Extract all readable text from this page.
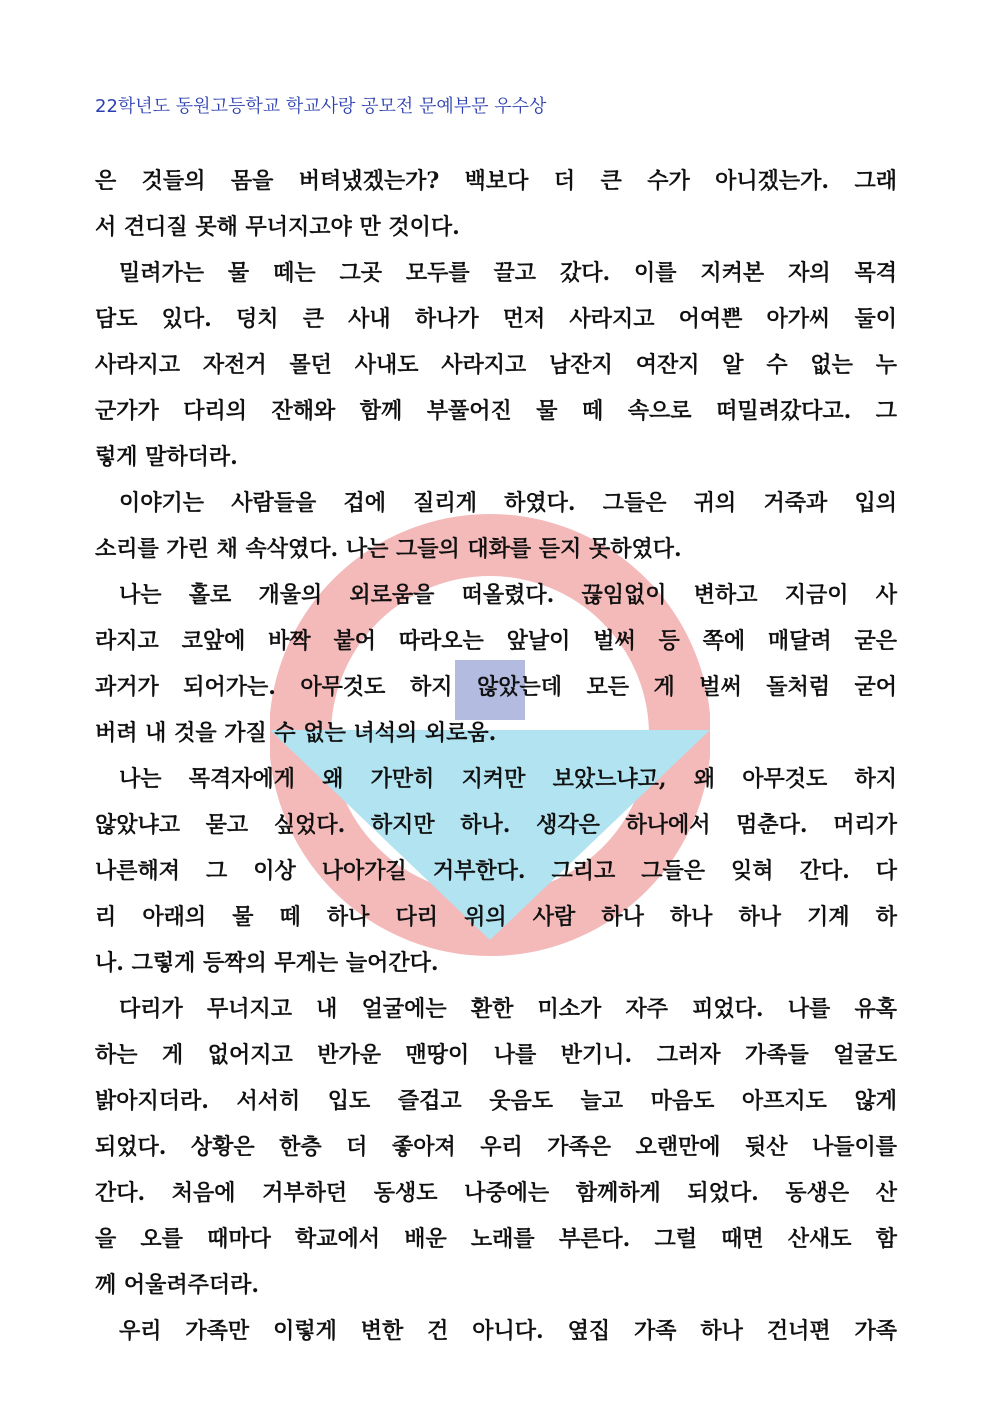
22학년도 동원고등학교 학교사랑 공모전 문예부문 우수상
은 것들의 몸을 버텨냈겠는가? 백보다 더 큰 수가 아니겠는가. 그래
서 견디질 못해 무너지고야 만 것이다.
밀려가는 물 떼는 그곳 모두를 끌고 갔다. 이를 지켜본 자의 목격
담도 있다. 덩치 큰 사내 하나가 먼저 사라지고 어여쁜 아가씨 둘이
사라지고 자전거 몰던 사내도 사라지고 남잔지 여잔지 알 수 없는 누
군가가 다리의 잔해와 함께 부풀어진 물 떼 속으로 떠밀려갔다고. 그
렇게 말하더라.
이야기는 사람들을 겁에 질리게 하였다. 그들은 귀의 거죽과 입의
소리를 가린 채 속삭였다. 나는 그들의 대화를 듣지 못하였다.
나는 홀로 개울의 외로움을 떠올렸다. 끊임없이 변하고 지금이 사
라지고 코앞에 바짝 붙어 따라오는 앞날이 벌써 등 쪽에 매달려 굳은
과거가 되어가는. 아무것도 하지 않았는데 모든 게 벌써 돌처럼 굳어
버려 내 것을 가질 수 없는 녀석의 외로움.
나는 목격자에게 왜 가만히 지켜만 보았느냐고, 왜 아무것도 하지
않았냐고 묻고 싶었다. 하지만 하나. 생각은 하나에서 멈춘다. 머리가
나른해져 그 이상 나아가길 거부한다. 그리고 그들은 잊혀 간다. 다
리 아래의 물 떼 하나 다리 위의 사람 하나 하나 하나 기계 하
나. 그렇게 등짝의 무게는 늘어간다.
다리가 무너지고 내 얼굴에는 환한 미소가 자주 피었다. 나를 유혹
하는 게 없어지고 반가운 맨땅이 나를 반기니. 그러자 가족들 얼굴도
밝아지더라. 서서히 입도 즐겁고 웃음도 늘고 마음도 아프지도 않게
되었다. 상황은 한층 더 좋아져 우리 가족은 오랜만에 뒷산 나들이를
간다. 처음에 거부하던 동생도 나중에는 함께하게 되었다. 동생은 산
을 오를 때마다 학교에서 배운 노래를 부른다. 그럴 때면 산새도 함
께 어울려주더라.
우리 가족만 이렇게 변한 건 아니다. 옆집 가족 하나 건너편 가족
